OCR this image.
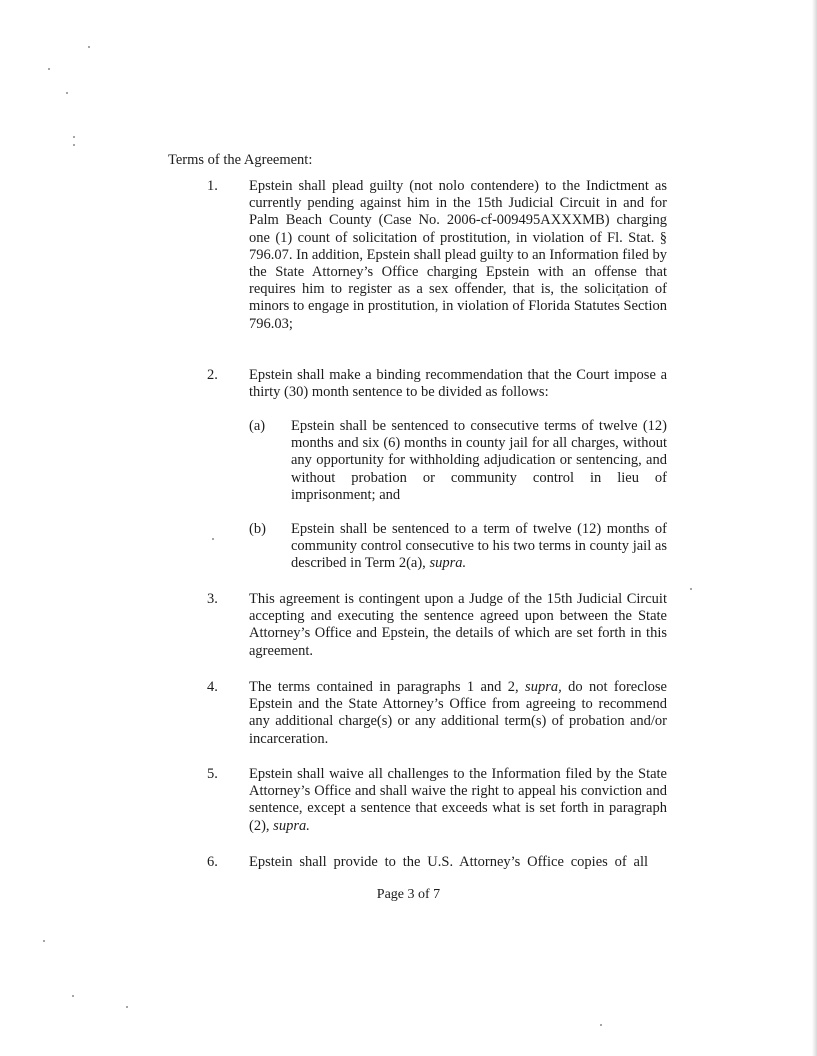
Terms of the Agreement:
1.	Epstein shall plead guilty (not nolo contendere) to the Indictment as currently pending against him in the 15th Judicial Circuit in and for Palm Beach County (Case No. 2006-cf-009495AXXXMB) charging one (1) count of solicitation of prostitution, in violation of Fl. Stat. § 796.07. In addition, Epstein shall plead guilty to an Information filed by the State Attorney’s Office charging Epstein with an offense that requires him to register as a sex offender, that is, the solicitation of minors to engage in prostitution, in violation of Florida Statutes Section 796.03;
2.	Epstein shall make a binding recommendation that the Court impose a thirty (30) month sentence to be divided as follows:
(a)	Epstein shall be sentenced to consecutive terms of twelve (12) months and six (6) months in county jail for all charges, without any opportunity for withholding adjudication or sentencing, and without probation or community control in lieu of imprisonment; and
(b)	Epstein shall be sentenced to a term of twelve (12) months of community control consecutive to his two terms in county jail as described in Term 2(a), supra.
3.	This agreement is contingent upon a Judge of the 15th Judicial Circuit accepting and executing the sentence agreed upon between the State Attorney’s Office and Epstein, the details of which are set forth in this agreement.
4.	The terms contained in paragraphs 1 and 2, supra, do not foreclose Epstein and the State Attorney’s Office from agreeing to recommend any additional charge(s) or any additional term(s) of probation and/or incarceration.
5.	Epstein shall waive all challenges to the Information filed by the State Attorney’s Office and shall waive the right to appeal his conviction and sentence, except a sentence that exceeds what is set forth in paragraph (2), supra.
6.	Epstein shall provide to the U.S. Attorney’s Office copies of all
Page 3 of 7
